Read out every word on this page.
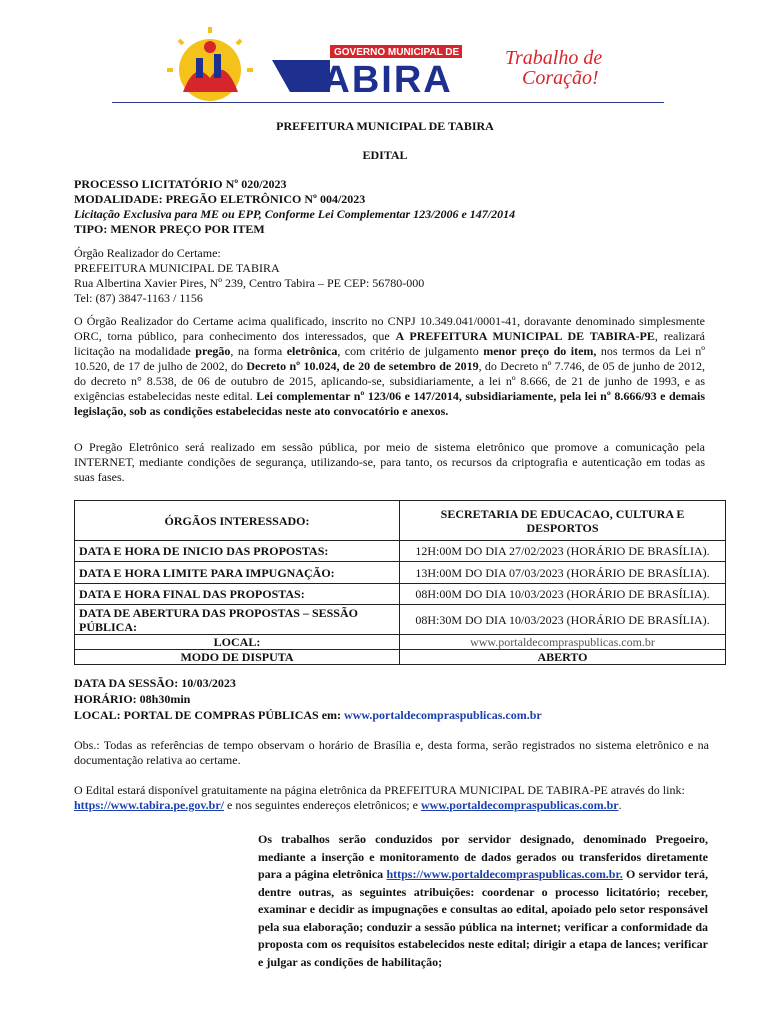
GOVERNO MUNICIPAL DE
TABIRA
Trabalho de
Coração!
PREFEITURA MUNICIPAL DE TABIRA
EDITAL
PROCESSO LICITATÓRIO Nº 020/2023
MODALIDADE: PREGÃO ELETRÔNICO Nº 004/2023
Licitação Exclusiva para ME ou EPP, Conforme Lei Complementar 123/2006 e 147/2014
TIPO: MENOR PREÇO POR ITEM
Órgão Realizador do Certame:
PREFEITURA MUNICIPAL DE TABIRA
Rua Albertina Xavier Pires, Nº 239, Centro Tabira – PE CEP: 56780-000
Tel: (87) 3847-1163 / 1156
O Órgão Realizador do Certame acima qualificado, inscrito no CNPJ 10.349.041/0001-41, doravante denominado simplesmente ORC, torna público, para conhecimento dos interessados, que A PREFEITURA MUNICIPAL DE TABIRA-PE, realizará licitação na modalidade pregão, na forma eletrônica, com critério de julgamento menor preço do item, nos termos da Lei nº 10.520, de 17 de julho de 2002, do Decreto nº 10.024, de 20 de setembro de 2019, do Decreto nº 7.746, de 05 de junho de 2012, do decreto n° 8.538, de 06 de outubro de 2015, aplicando-se, subsidiariamente, a lei nº 8.666, de 21 de junho de 1993, e as exigências estabelecidas neste edital. Lei complementar nº 123/06 e 147/2014, subsidiariamente, pela lei nº 8.666/93 e demais legislação, sob as condições estabelecidas neste ato convocatório e anexos.
O Pregão Eletrônico será realizado em sessão pública, por meio de sistema eletrônico que promove a comunicação pela INTERNET, mediante condições de segurança, utilizando-se, para tanto, os recursos da criptografia e autenticação em todas as suas fases.
ÓRGÃOS INTERESSADO:	SECRETARIA DE EDUCACAO, CULTURA E DESPORTOS
DATA E HORA DE INICIO DAS PROPOSTAS:	12H:00M DO DIA 27/02/2023 (HORÁRIO DE BRASÍLIA).
DATA E HORA LIMITE PARA IMPUGNAÇÃO:	13H:00M DO DIA 07/03/2023 (HORÁRIO DE BRASÍLIA).
DATA E HORA FINAL DAS PROPOSTAS:	08H:00M DO DIA 10/03/2023 (HORÁRIO DE BRASÍLIA).
DATA DE ABERTURA DAS PROPOSTAS – SESSÃO PÚBLICA:	08H:30M DO DIA 10/03/2023 (HORÁRIO DE BRASÍLIA).
LOCAL:	www.portaldecompraspublicas.com.br
MODO DE DISPUTA	ABERTO
DATA DA SESSÃO: 10/03/2023
HORÁRIO: 08h30min
LOCAL: PORTAL DE COMPRAS PÚBLICAS em: www.portaldecompraspublicas.com.br
Obs.: Todas as referências de tempo observam o horário de Brasília e, desta forma, serão registrados no sistema eletrônico e na documentação relativa ao certame.
O Edital estará disponível gratuitamente na página eletrônica da PREFEITURA MUNICIPAL DE TABIRA-PE através do link: https://www.tabira.pe.gov.br/ e nos seguintes endereços eletrônicos; e www.portaldecompraspublicas.com.br.
Os trabalhos serão conduzidos por servidor designado, denominado Pregoeiro, mediante a inserção e monitoramento de dados gerados ou transferidos diretamente para a página eletrônica https://www.portaldecompraspublicas.com.br. O servidor terá, dentre outras, as seguintes atribuições: coordenar o processo licitatório; receber, examinar e decidir as impugnações e consultas ao edital, apoiado pelo setor responsável pela sua elaboração; conduzir a sessão pública na internet; verificar a conformidade da proposta com os requisitos estabelecidos neste edital; dirigir a etapa de lances; verificar e julgar as condições de habilitação;
